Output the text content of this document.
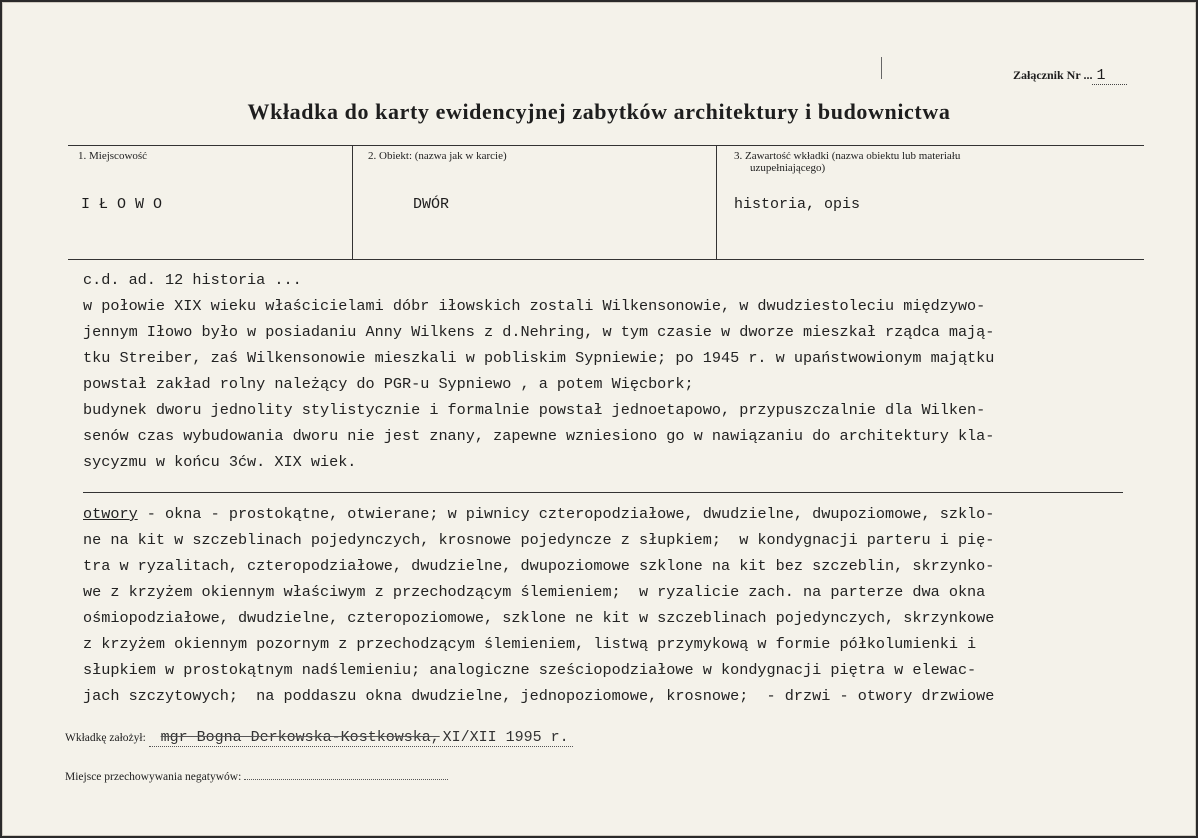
Załącznik Nr ... 1
Wkładka do karty ewidencyjnej zabytków architektury i budownictwa
1. Miejscowość	2. Obiekt: (nazwa jak w karcie)	3. Zawartość wkładki (nazwa obiektu lub materiału
uzupełniającego)
I Ł O W O	DWÓR	historia, opis
c.d. ad. 12 historia ...
w połowie XIX wieku właścicielami dóbr iłowskich zostali Wilkensonowie, w dwudziestoleciu międzywo-
jennym Iłowo było w posiadaniu Anny Wilkens z d.Nehring, w tym czasie w dworze mieszkał rządca mają-
tku Streiber, zaś Wilkensonowie mieszkali w pobliskim Sypniewie; po 1945 r. w upaństwowionym majątku
powstał zakład rolny należący do PGR-u Sypniewo , a potem Więcbork;
budynek dworu jednolity stylistycznie i formalnie powstał jednoetapowo, przypuszczalnie dla Wilken-
senów czas wybudowania dworu nie jest znany, zapewne wzniesiono go w nawiązaniu do architektury kla-
sycyzmu w końcu 3ćw. XIX wiek.
otwory - okna - prostokątne, otwierane; w piwnicy czteropodziałowe, dwudzielne, dwupoziomowe, szklo-
ne na kit w szczeblinach pojedynczych, krosnowe pojedyncze z słupkiem;  w kondygnacji parteru i pię-
tra w ryzalitach, czteropodziałowe, dwudzielne, dwupoziomowe szklone na kit bez szczeblin, skrzynko-
we z krzyżem okiennym właściwym z przechodzącym ślemieniem;  w ryzalicie zach. na parterze dwa okna
ośmiopodziałowe, dwudzielne, czteropoziomowe, szklone ne kit w szczeblinach pojedynczych, skrzynkowe
z krzyżem okiennym pozornym z przechodzącym ślemieniem, listwą przymykową w formie półkolumienki i
słupkiem w prostokątnym nadślemieniu; analogiczne sześciopodziałowe w kondygnacji piętra w elewac-
jach szczytowych;  na poddaszu okna dwudzielne, jednopoziomowe, krosnowe;  - drzwi - otwory drzwiowe
Wkładkę założył: mgr Bogna Derkowska-Kostkowska, XI/XII 1995 r.
Miejsce przechowywania negatywów:
